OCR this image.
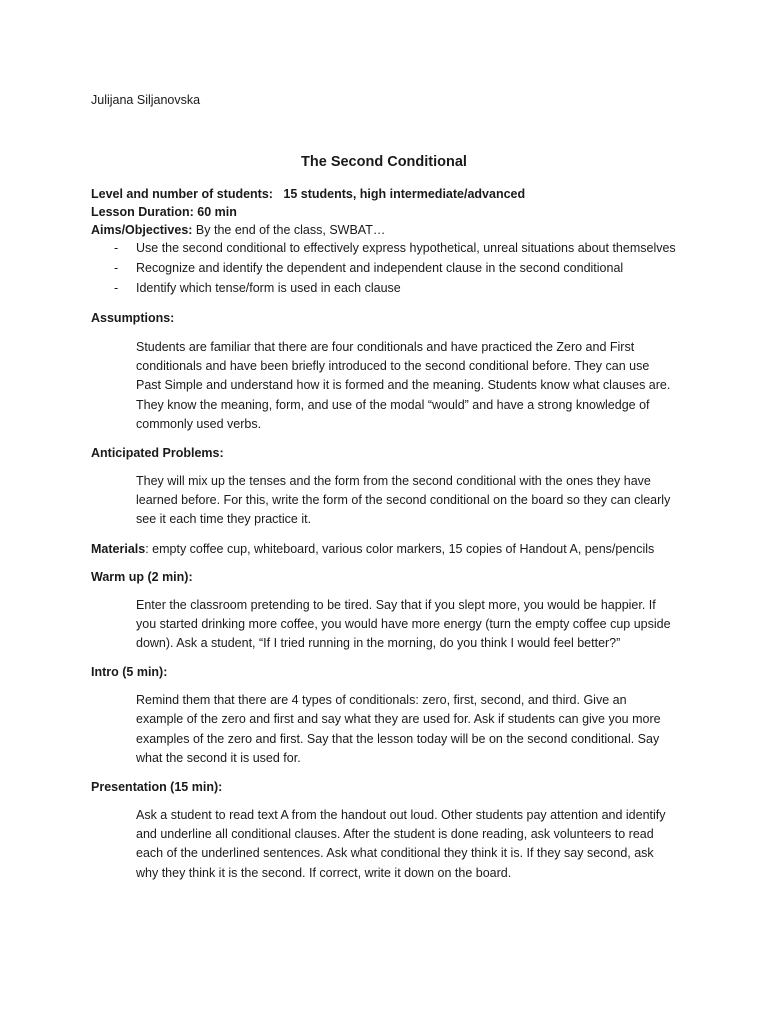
Julijana Siljanovska
The Second Conditional

Level and number of students: 15 students, high intermediate/advanced

Lesson Duration: 60 min

Aims/Objectives: By the end of the class, SWBAT…

- Use the second conditional to effectively express hypothetical, unreal situations about themselves
- Recognize and identify the dependent and independent clause in the second conditional
- Identify which tense/form is used in each clause

Assumptions:

Students are familiar that there are four conditionals and have practiced the Zero and First conditionals and have been briefly introduced to the second conditional before. They can use Past Simple and understand how it is formed and the meaning. Students know what clauses are. They know the meaning, form, and use of the modal “would” and have a strong knowledge of commonly used verbs.

Anticipated Problems:

They will mix up the tenses and the form from the second conditional with the ones they have learned before. For this, write the form of the second conditional on the board so they can clearly see it each time they practice it.

Materials: empty coffee cup, whiteboard, various color markers, 15 copies of Handout A, pens/pencils

Warm up (2 min):

Enter the classroom pretending to be tired. Say that if you slept more, you would be happier. If you started drinking more coffee, you would have more energy (turn the empty coffee cup upside down). Ask a student, “If I tried running in the morning, do you think I would feel better?”

Intro (5 min):

Remind them that there are 4 types of conditionals: zero, first, second, and third. Give an example of the zero and first and say what they are used for. Ask if students can give you more examples of the zero and first. Say that the lesson today will be on the second conditional. Say what the second it is used for.

Presentation (15 min):

Ask a student to read text A from the handout out loud. Other students pay attention and identify and underline all conditional clauses. After the student is done reading, ask volunteers to read each of the underlined sentences. Ask what conditional they think it is. If they say second, ask why they think it is the second. If correct, write it down on the board.
